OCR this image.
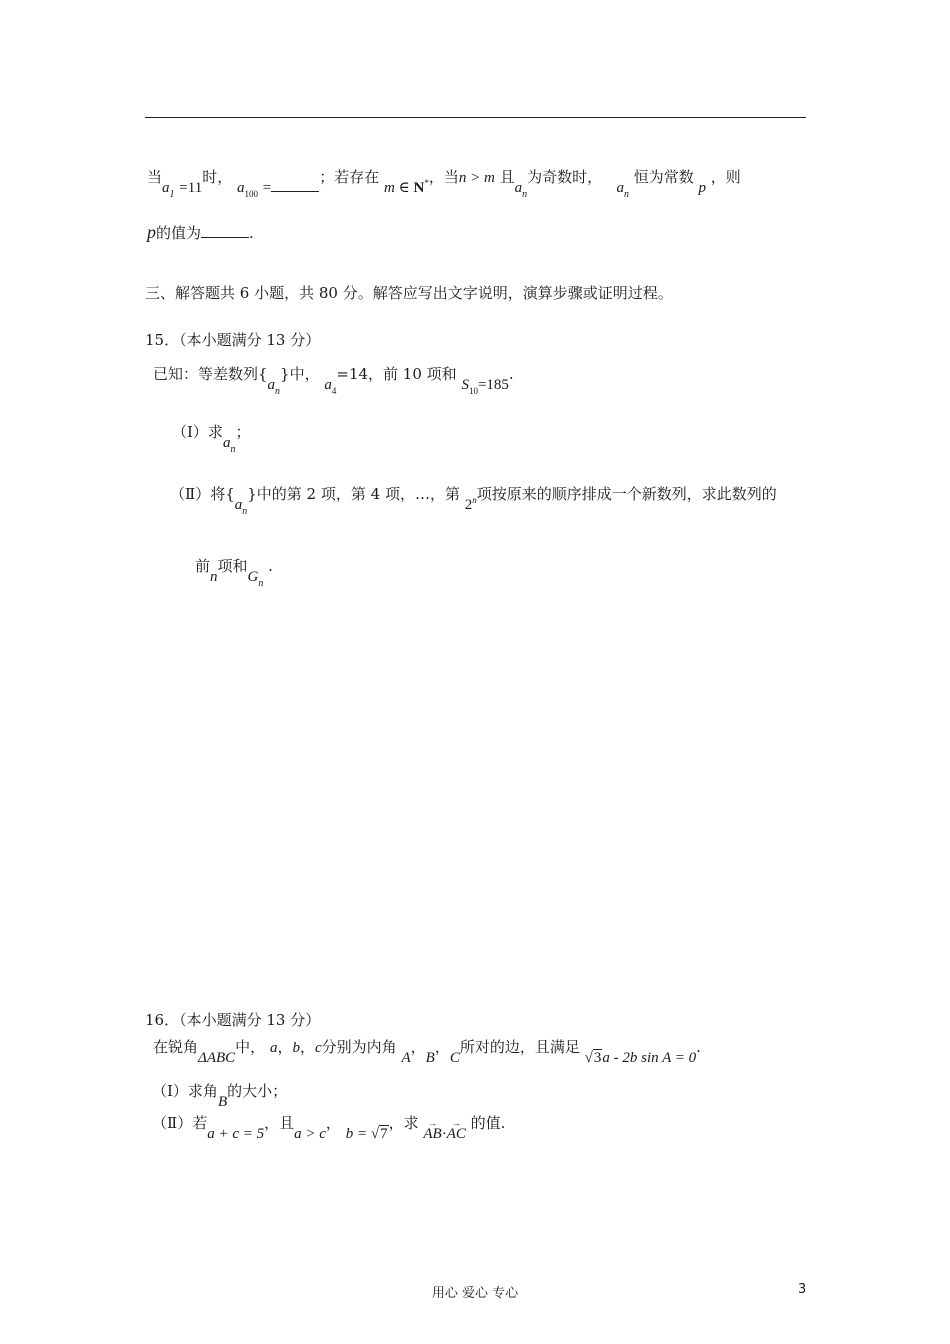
当$a_1 =11$时， $a_{100}$ =；若存在 m ∈ N*，当n > m 且$a_n$为奇数时，   $a_n$ 恒为常数 p ，则
p的值为	.
三、解答题共 6 小题，共 80 分。解答应写出文字说明，演算步骤或证明过程。
15．（本小题满分 13 分）
已知：等差数列$\{a_n\}$中， $a_4=14$，前 10 项和 $S_{10}=185$.
（Ⅰ）求$a_n$；
（Ⅱ）将$\{a_n\}$中的第 2 项，第 4 项，…，第 2$^n$项按原来的顺序排成一个新数列，求此数列的
前n项和$G_n$ .
16．（本小题满分 13 分）
在锐角ΔABC中， a，b，c分别为内角 A，B，C所对的边，且满足 √3a - 2b sin A = 0.
（Ⅰ）求角B的大小；
（Ⅱ）若a + c = 5，且a > c， b = √7，求 → AB·→ AC 的值.
用心 爱心 专心	3
